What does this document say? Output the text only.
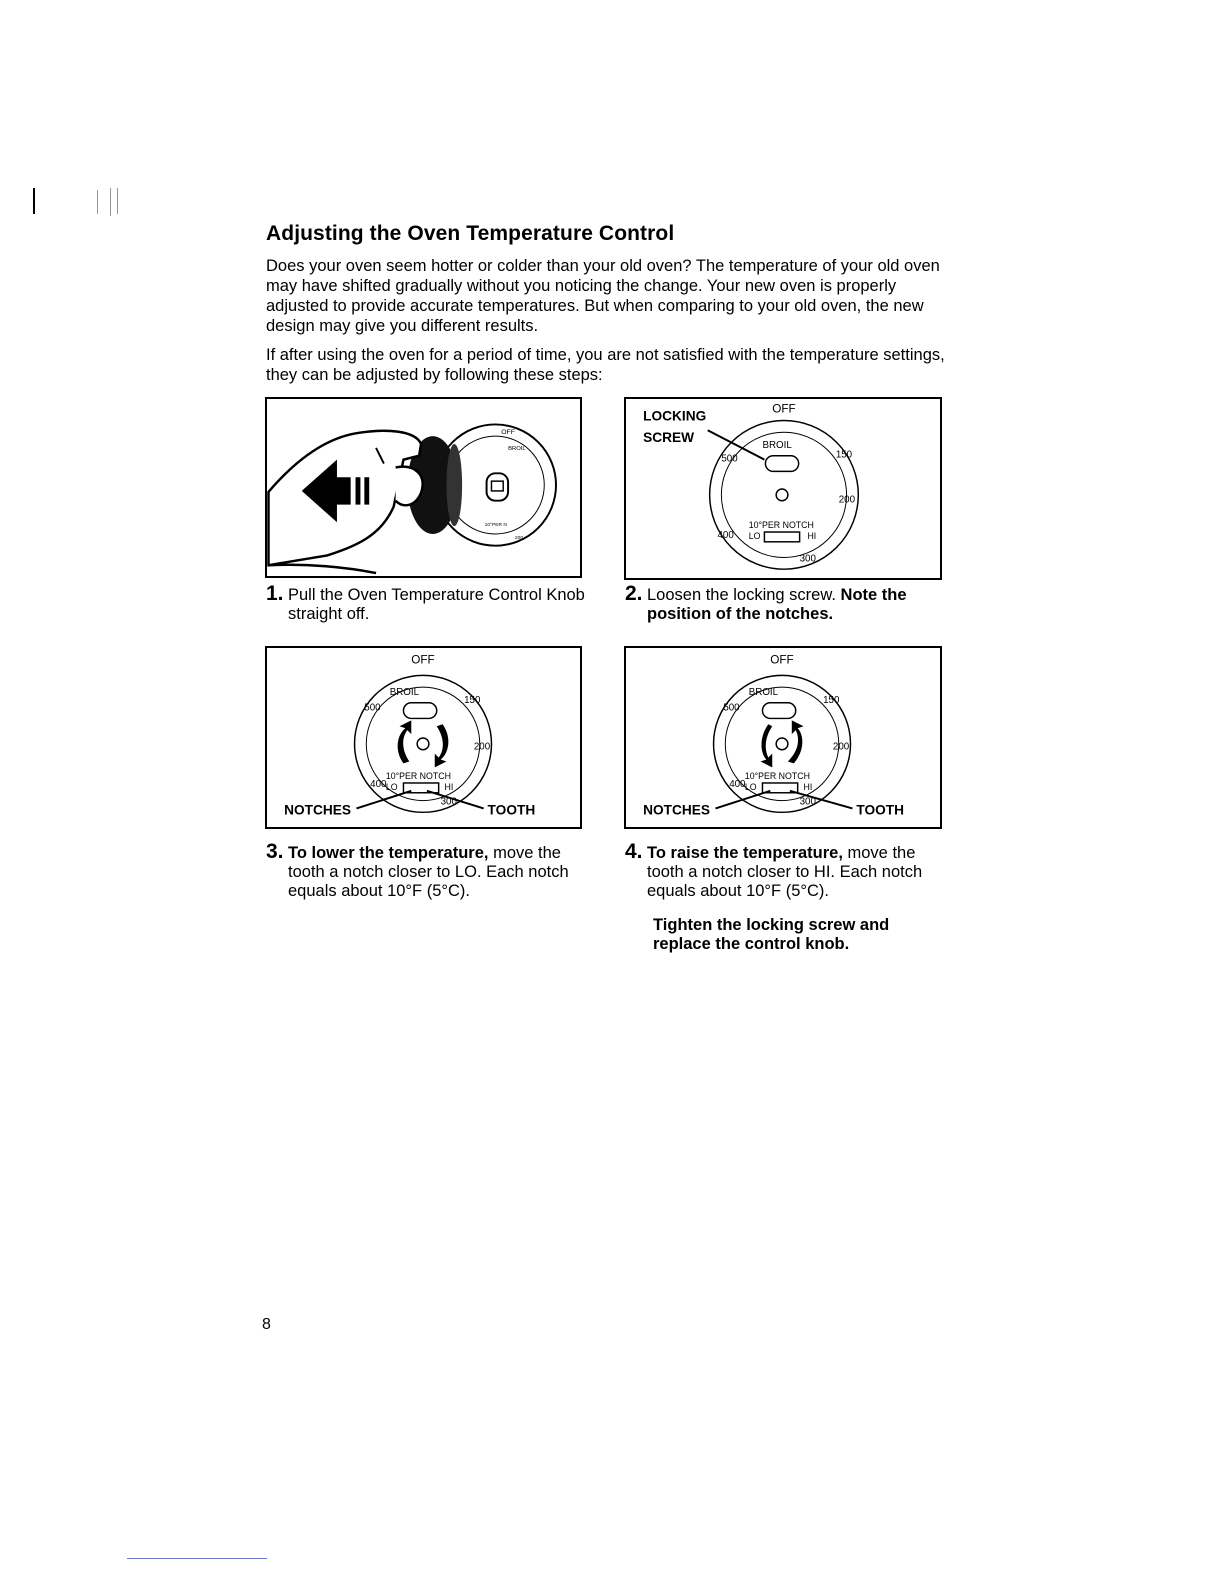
Adjusting the Oven Temperature Control

Does your oven seem hotter or colder than your old oven? The temperature of your old oven may have shifted gradually without you noticing the change. Your new oven is properly adjusted to provide accurate temperatures. But when comparing to your old oven, the new design may give you different results.

If after using the oven for a period of time, you are not satisfied with the temperature settings, they can be adjusted by following these steps:

OFF
BROIL
10°PER N
200
1. Pull the Oven Temperature Control Knob straight off.
LOCKING
SCREW
OFF
BROIL
150
500
200
400
300
10°PER NOTCH
LO	HI
2. Loosen the locking screw. Note the position of the notches.
OFF
BROIL
150
500
200
400
300
10°PER NOTCH
LO	HI
NOTCHES	TOOTH
3. To lower the temperature, move the tooth a notch closer to LO. Each notch equals about 10°F (5°C).
OFF
BROIL
150
500
200
400
300
10°PER NOTCH
LO	HI
NOTCHES	TOOTH
4. To raise the temperature, move the tooth a notch closer to HI. Each notch equals about 10°F (5°C).
Tighten the locking screw and replace the control knob.
8
